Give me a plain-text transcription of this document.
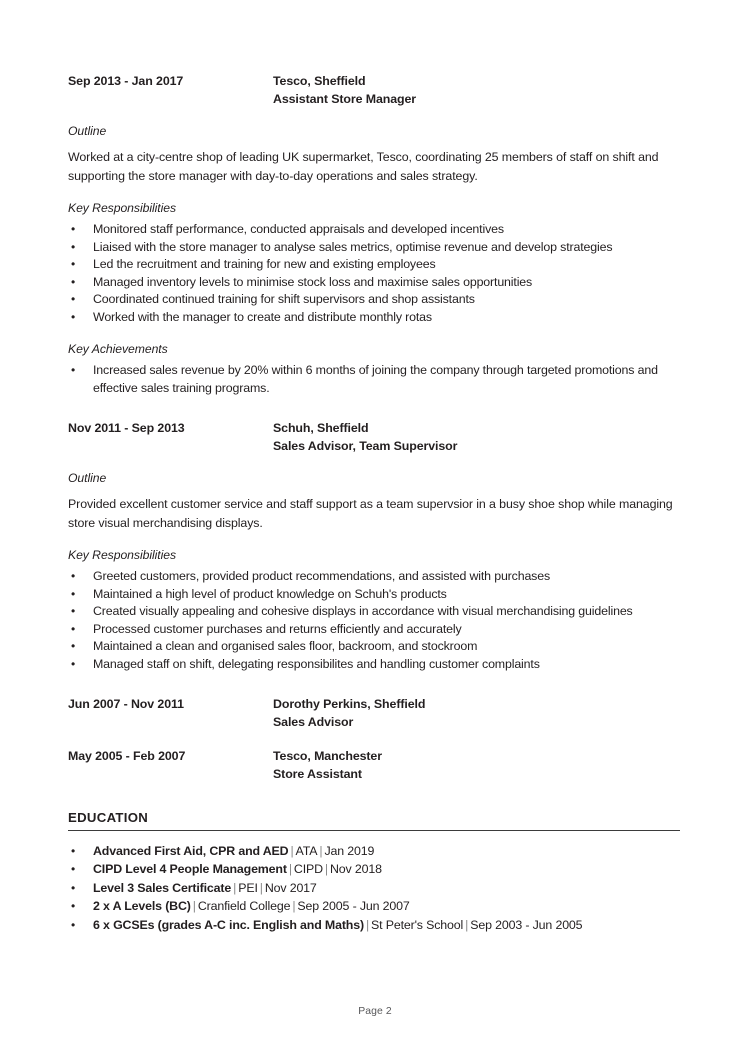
Sep 2013 - Jan 2017	Tesco, Sheffield
Assistant Store Manager
Outline
Worked at a city-centre shop of leading UK supermarket, Tesco, coordinating 25 members of staff on shift and supporting the store manager with day-to-day operations and sales strategy.
Key Responsibilities
• Monitored staff performance, conducted appraisals and developed incentives
• Liaised with the store manager to analyse sales metrics, optimise revenue and develop strategies
• Led the recruitment and training for new and existing employees
• Managed inventory levels to minimise stock loss and maximise sales opportunities
• Coordinated continued training for shift supervisors and shop assistants
• Worked with the manager to create and distribute monthly rotas
Key Achievements
• Increased sales revenue by 20% within 6 months of joining the company through targeted promotions and effective sales training programs.
Nov 2011 - Sep 2013	Schuh, Sheffield
Sales Advisor, Team Supervisor
Outline
Provided excellent customer service and staff support as a team supervsior in a busy shoe shop while managing store visual merchandising displays.
Key Responsibilities
• Greeted customers, provided product recommendations, and assisted with purchases
• Maintained a high level of product knowledge on Schuh's products
• Created visually appealing and cohesive displays in accordance with visual merchandising guidelines
• Processed customer purchases and returns efficiently and accurately
• Maintained a clean and organised sales floor, backroom, and stockroom
• Managed staff on shift, delegating responsibilites and handling customer complaints
Jun 2007 - Nov 2011	Dorothy Perkins, Sheffield
Sales Advisor
May 2005 - Feb 2007	Tesco, Manchester
Store Assistant
EDUCATION
• Advanced First Aid, CPR and AED | ATA | Jan 2019
• CIPD Level 4 People Management | CIPD | Nov 2018
• Level 3 Sales Certificate | PEI | Nov 2017
• 2 x A Levels (BC) | Cranfield College | Sep 2005 - Jun 2007
• 6 x GCSEs (grades A-C inc. English and Maths) | St Peter's School | Sep 2003 - Jun 2005
Page 2
